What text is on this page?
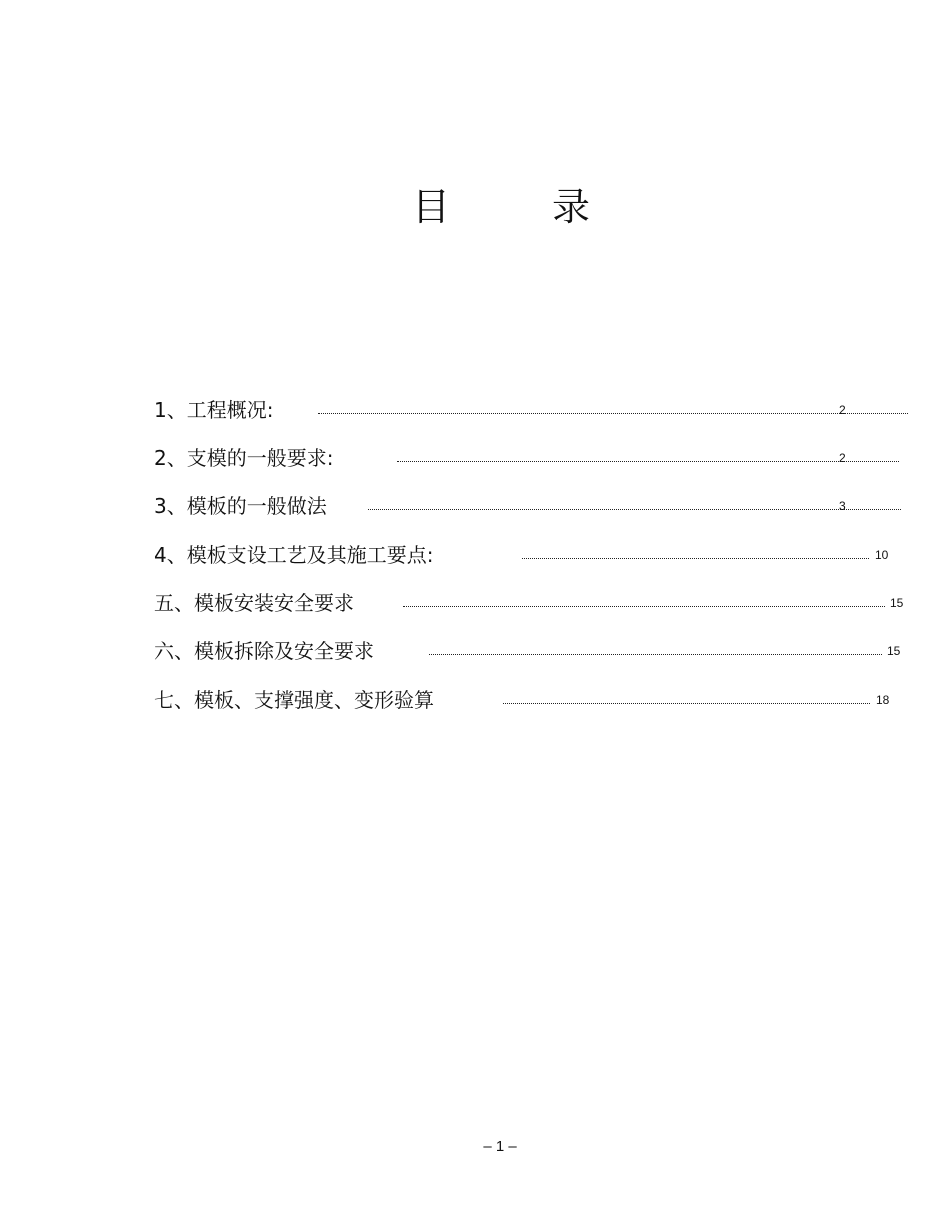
目	录
1、工程概况:	2
2、支模的一般要求:	2
3、模板的一般做法	3
4、模板支设工艺及其施工要点:	10
五、模板安装安全要求	15
六、模板拆除及安全要求	15
七、模板、支撑强度、变形验算	18
– 1 –
